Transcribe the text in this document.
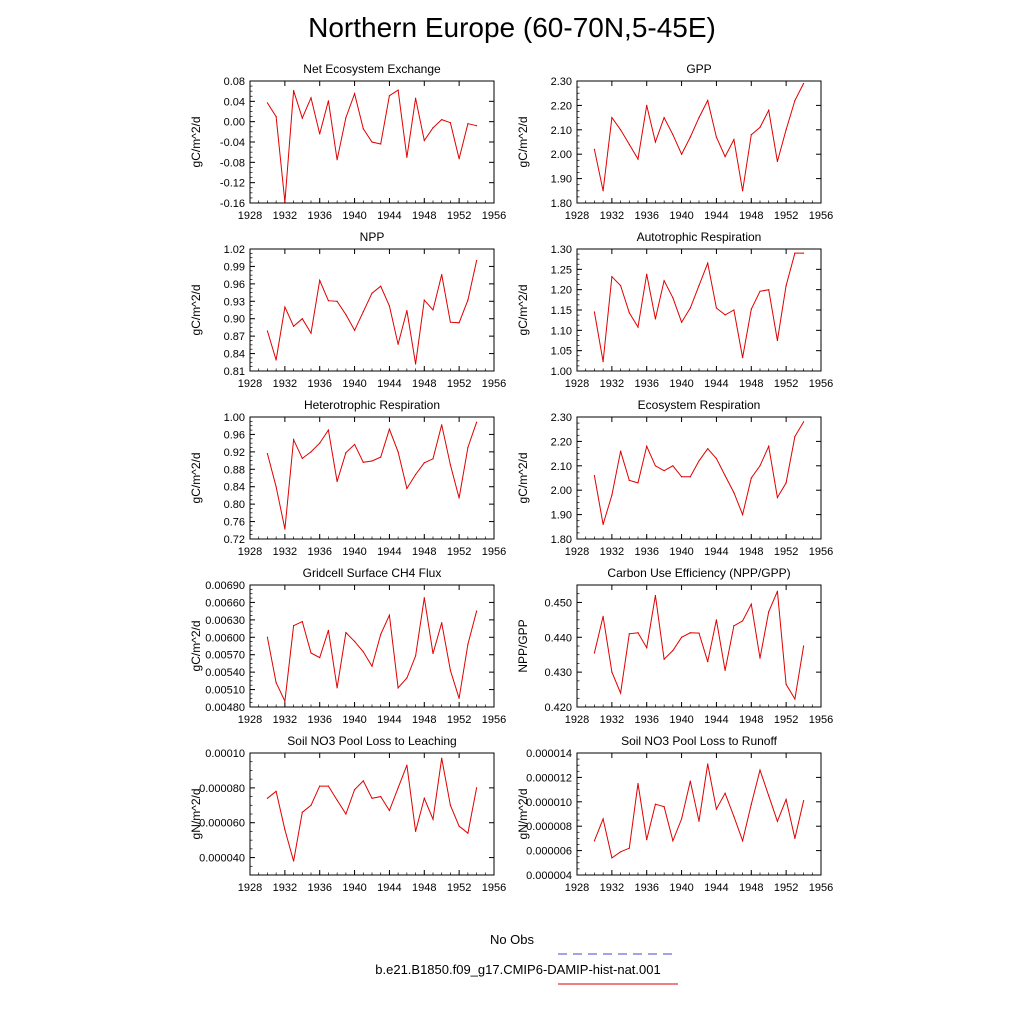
Northern Europe (60-70N,5-45E)
Net Ecosystem Exchange
gC/m^2/d
1928 1932 1936 1940 1944 1948 1952 1956
0.08
0.04
0.00
-0.04
-0.08
-0.12
-0.16
GPP
gC/m^2/d
1928 1932 1936 1940 1944 1948 1952 1956
2.30
2.20
2.10
2.00
1.90
1.80
NPP
gC/m^2/d
1928 1932 1936 1940 1944 1948 1952 1956
1.02
0.99
0.96
0.93
0.90
0.87
0.84
0.81
Autotrophic Respiration
gC/m^2/d
1928 1932 1936 1940 1944 1948 1952 1956
1.30
1.25
1.20
1.15
1.10
1.05
1.00
Heterotrophic Respiration
gC/m^2/d
1928 1932 1936 1940 1944 1948 1952 1956
1.00
0.96
0.92
0.88
0.84
0.80
0.76
0.72
Ecosystem Respiration
gC/m^2/d
1928 1932 1936 1940 1944 1948 1952 1956
2.30
2.20
2.10
2.00
1.90
1.80
Gridcell Surface CH4 Flux
gC/m^2/d
1928 1932 1936 1940 1944 1948 1952 1956
0.00690
0.00660
0.00630
0.00600
0.00570
0.00540
0.00510
0.00480
Carbon Use Efficiency (NPP/GPP)
NPP/GPP
1928 1932 1936 1940 1944 1948 1952 1956
0.450
0.440
0.430
0.420
Soil NO3 Pool Loss to Leaching
gN/m^2/d
1928 1932 1936 1940 1944 1948 1952 1956
0.00010
0.000080
0.000060
0.000040
Soil NO3 Pool Loss to Runoff
gN/m^2/d
1928 1932 1936 1940 1944 1948 1952 1956
0.000014
0.000012
0.000010
0.000008
0.000006
0.000004
No Obs
b.e21.B1850.f09_g17.CMIP6-DAMIP-hist-nat.001
